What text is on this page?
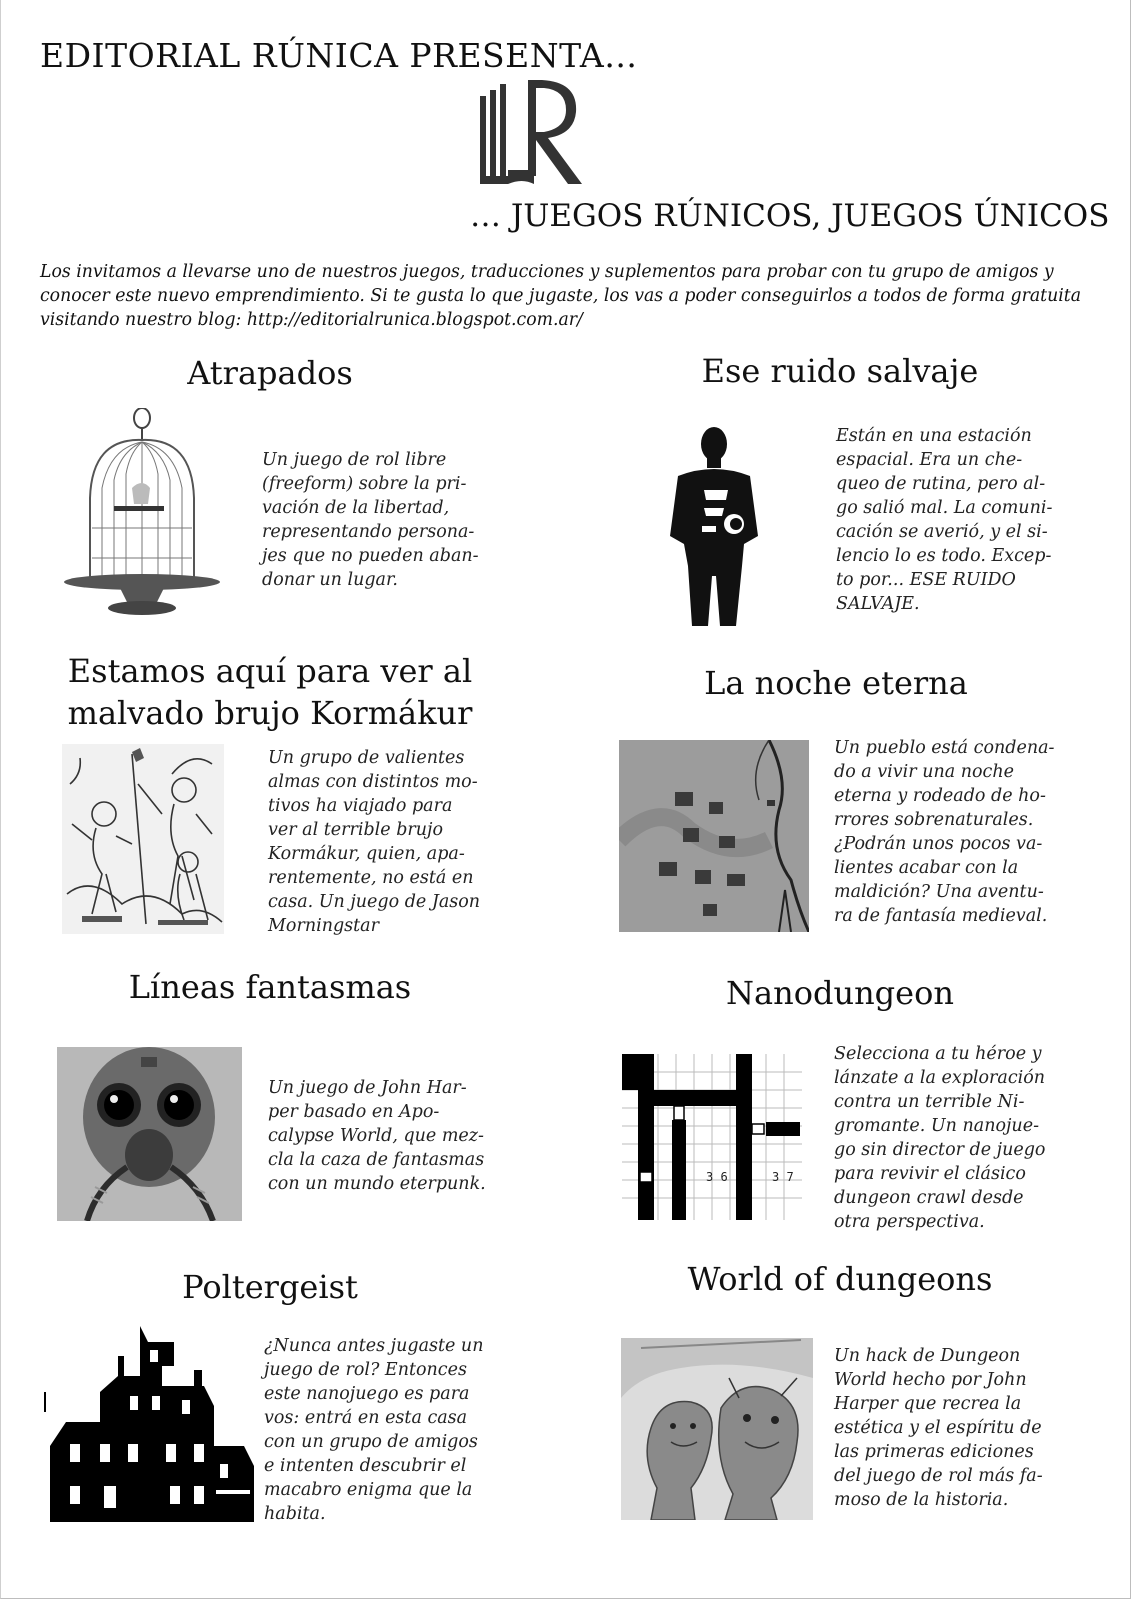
EDITORIAL RÚNICA PRESENTA…
… JUEGOS RÚNICOS, JUEGOS ÚNICOS
Los invitamos a llevarse uno de nuestros juegos, traducciones y suplementos para probar con tu grupo de amigos y conocer este nuevo emprendimiento. Si te gusta lo que jugaste, los vas a poder conseguirlos a todos de forma gratuita visitando nuestro blog: http://editorialrunica.blogspot.com.ar/
Atrapados
Un juego de rol libre
(freeform) sobre la pri-
vación de la libertad,
representando persona-
jes que no pueden aban-
donar un lugar.
Ese ruido salvaje
Están en una estación
espacial. Era un che-
queo de rutina, pero al-
go salió mal. La comuni-
cación se averió, y el si-
lencio lo es todo. Excep-
to por... ESE RUIDO
SALVAJE.
Estamos aquí para ver al
malvado brujo Kormákur
Un grupo de valientes
almas con distintos mo-
tivos ha viajado para
ver al terrible brujo
Kormákur, quien, apa-
rentemente, no está en
casa. Un juego de Jason
Morningstar
La noche eterna
Un pueblo está condena-
do a vivir una noche
eterna y rodeado de ho-
rrores sobrenaturales.
¿Podrán unos pocos va-
lientes acabar con la
maldición? Una aventu-
ra de fantasía medieval.
Líneas fantasmas
Un juego de John Har-
per basado en Apo-
calypse World, que mez-
cla la caza de fantasmas
con un mundo eterpunk.
Nanodungeon
3 6	3 7
Selecciona a tu héroe y
lánzate a la exploración
contra un terrible Ni-
gromante. Un nanojue-
go sin director de juego
para revivir el clásico
dungeon crawl desde
otra perspectiva.
Poltergeist
¿Nunca antes jugaste un
juego de rol? Entonces
este nanojuego es para
vos: entrá en esta casa
con un grupo de amigos
e intenten descubrir el
macabro enigma que la
habita.
World of dungeons
Un hack de Dungeon
World hecho por John
Harper que recrea la
estética y el espíritu de
las primeras ediciones
del juego de rol más fa-
moso de la historia.
